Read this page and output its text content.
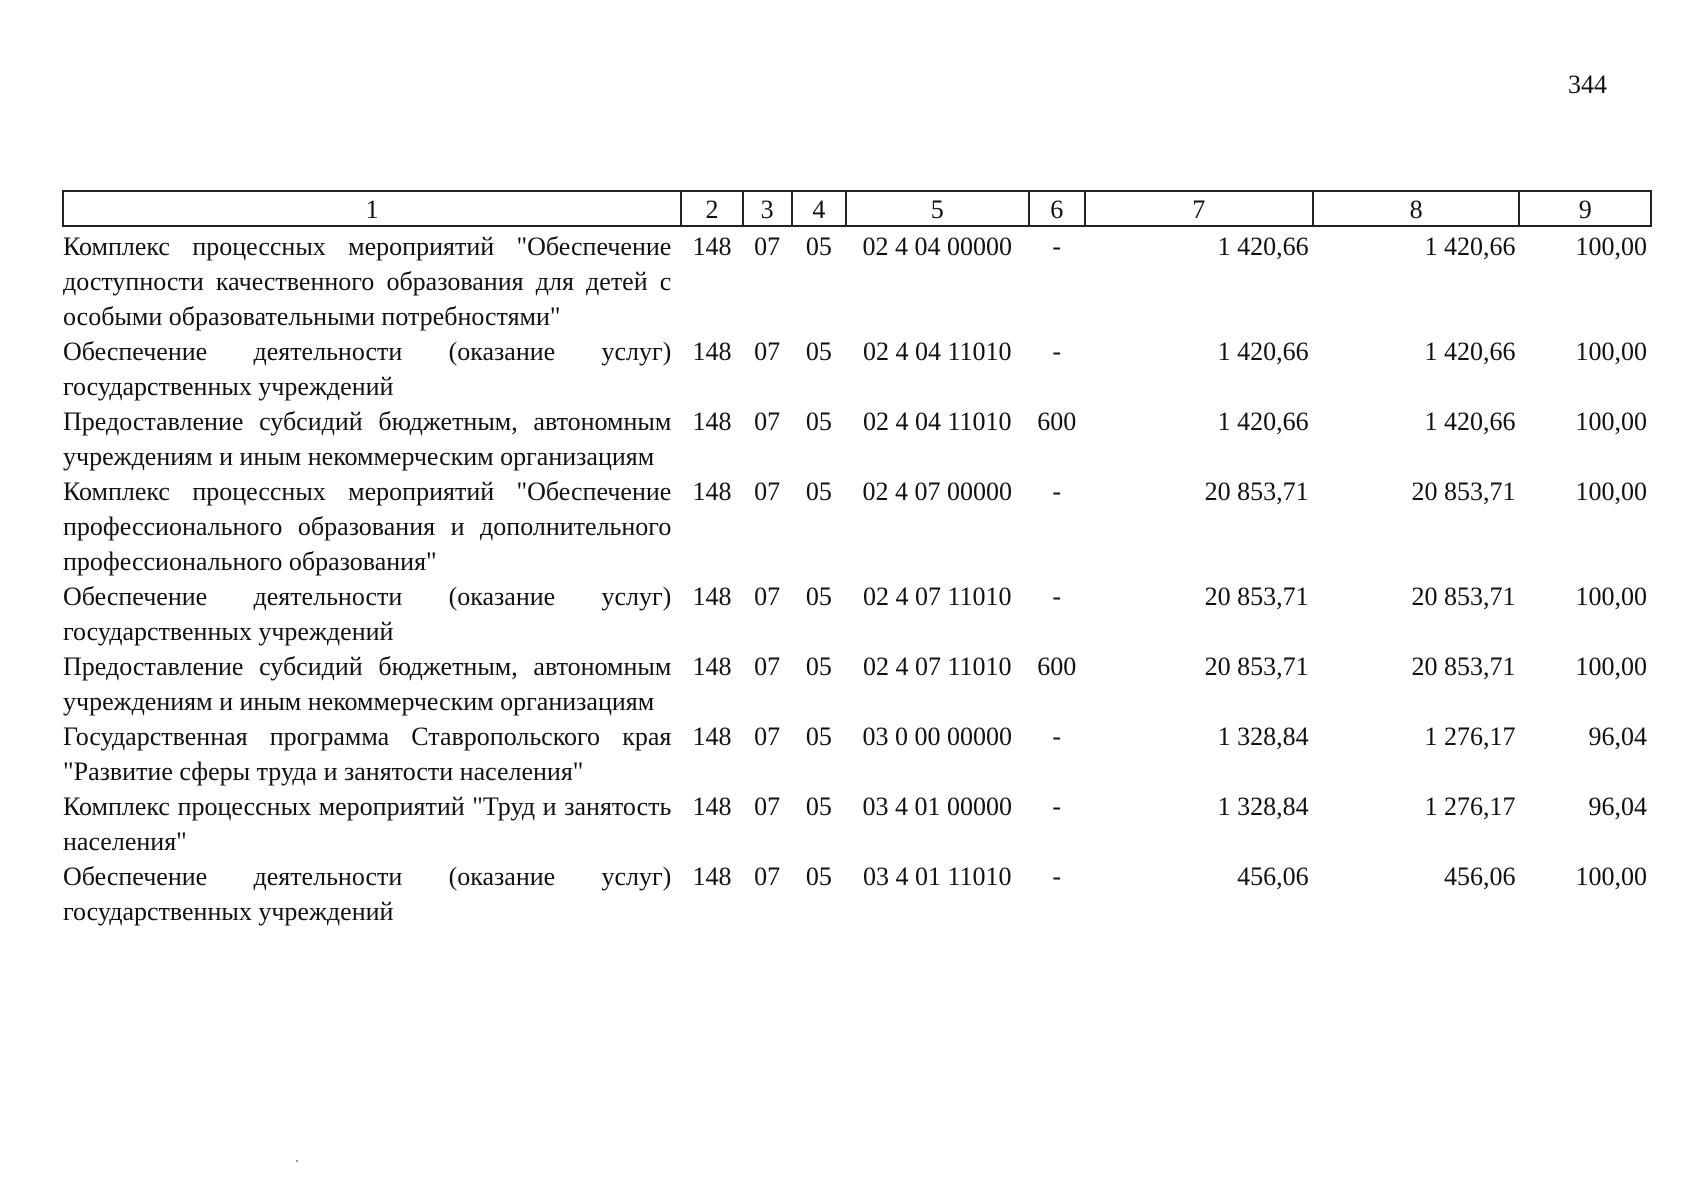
344
1	2	3	4	5	6	7	8	9
Комплекс процессных мероприятий "Обеспечение доступности качественного образования для детей с особыми образовательными потребностями"	148	07	05	02 4 04 00000	-	1 420,66	1 420,66	100,00
Обеспечение деятельности (оказание услуг) государственных учреждений	148	07	05	02 4 04 11010	-	1 420,66	1 420,66	100,00
Предоставление субсидий бюджетным, автономным учреждениям и иным некоммерческим организациям	148	07	05	02 4 04 11010	600	1 420,66	1 420,66	100,00
Комплекс процессных мероприятий "Обеспечение профессионального образования и дополнительного профессионального образования"	148	07	05	02 4 07 00000	-	20 853,71	20 853,71	100,00
Обеспечение деятельности (оказание услуг) государственных учреждений	148	07	05	02 4 07 11010	-	20 853,71	20 853,71	100,00
Предоставление субсидий бюджетным, автономным учреждениям и иным некоммерческим организациям	148	07	05	02 4 07 11010	600	20 853,71	20 853,71	100,00
Государственная программа Ставропольского края "Развитие сферы труда и занятости населения"	148	07	05	03 0 00 00000	-	1 328,84	1 276,17	96,04
Комплекс процессных мероприятий "Труд и занятость населения"	148	07	05	03 4 01 00000	-	1 328,84	1 276,17	96,04
Обеспечение деятельности (оказание услуг) государственных учреждений	148	07	05	03 4 01 11010	-	456,06	456,06	100,00
